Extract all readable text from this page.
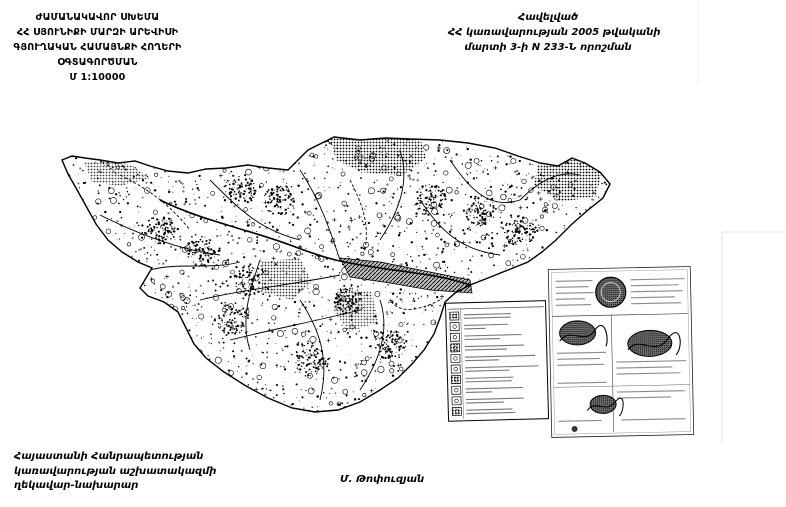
ԺԱՄԱՆԱԿԱՎՈՐ ՍԽԵՄԱ
ՀՀ ՍՅՈՒՆԻՔԻ ՄԱՐԶԻ ԱՐԵՎԻՍԻ
ԳՅՈՒՂԱԿԱՆ ՀԱՄԱՅՆՔԻ ՀՈՂԵՐԻ
ՕԳՏԱԳՈՐԾՄԱՆ
Մ 1:10000
Հավելված
ՀՀ կառավարության 2005 թվականի
մարտի 3-ի N 233-Ն որոշման
Հայաստանի Հանրապետության
կառավարության աշխատակազմի
ղեկավար-նախարար
Մ. Թոփուզյան
